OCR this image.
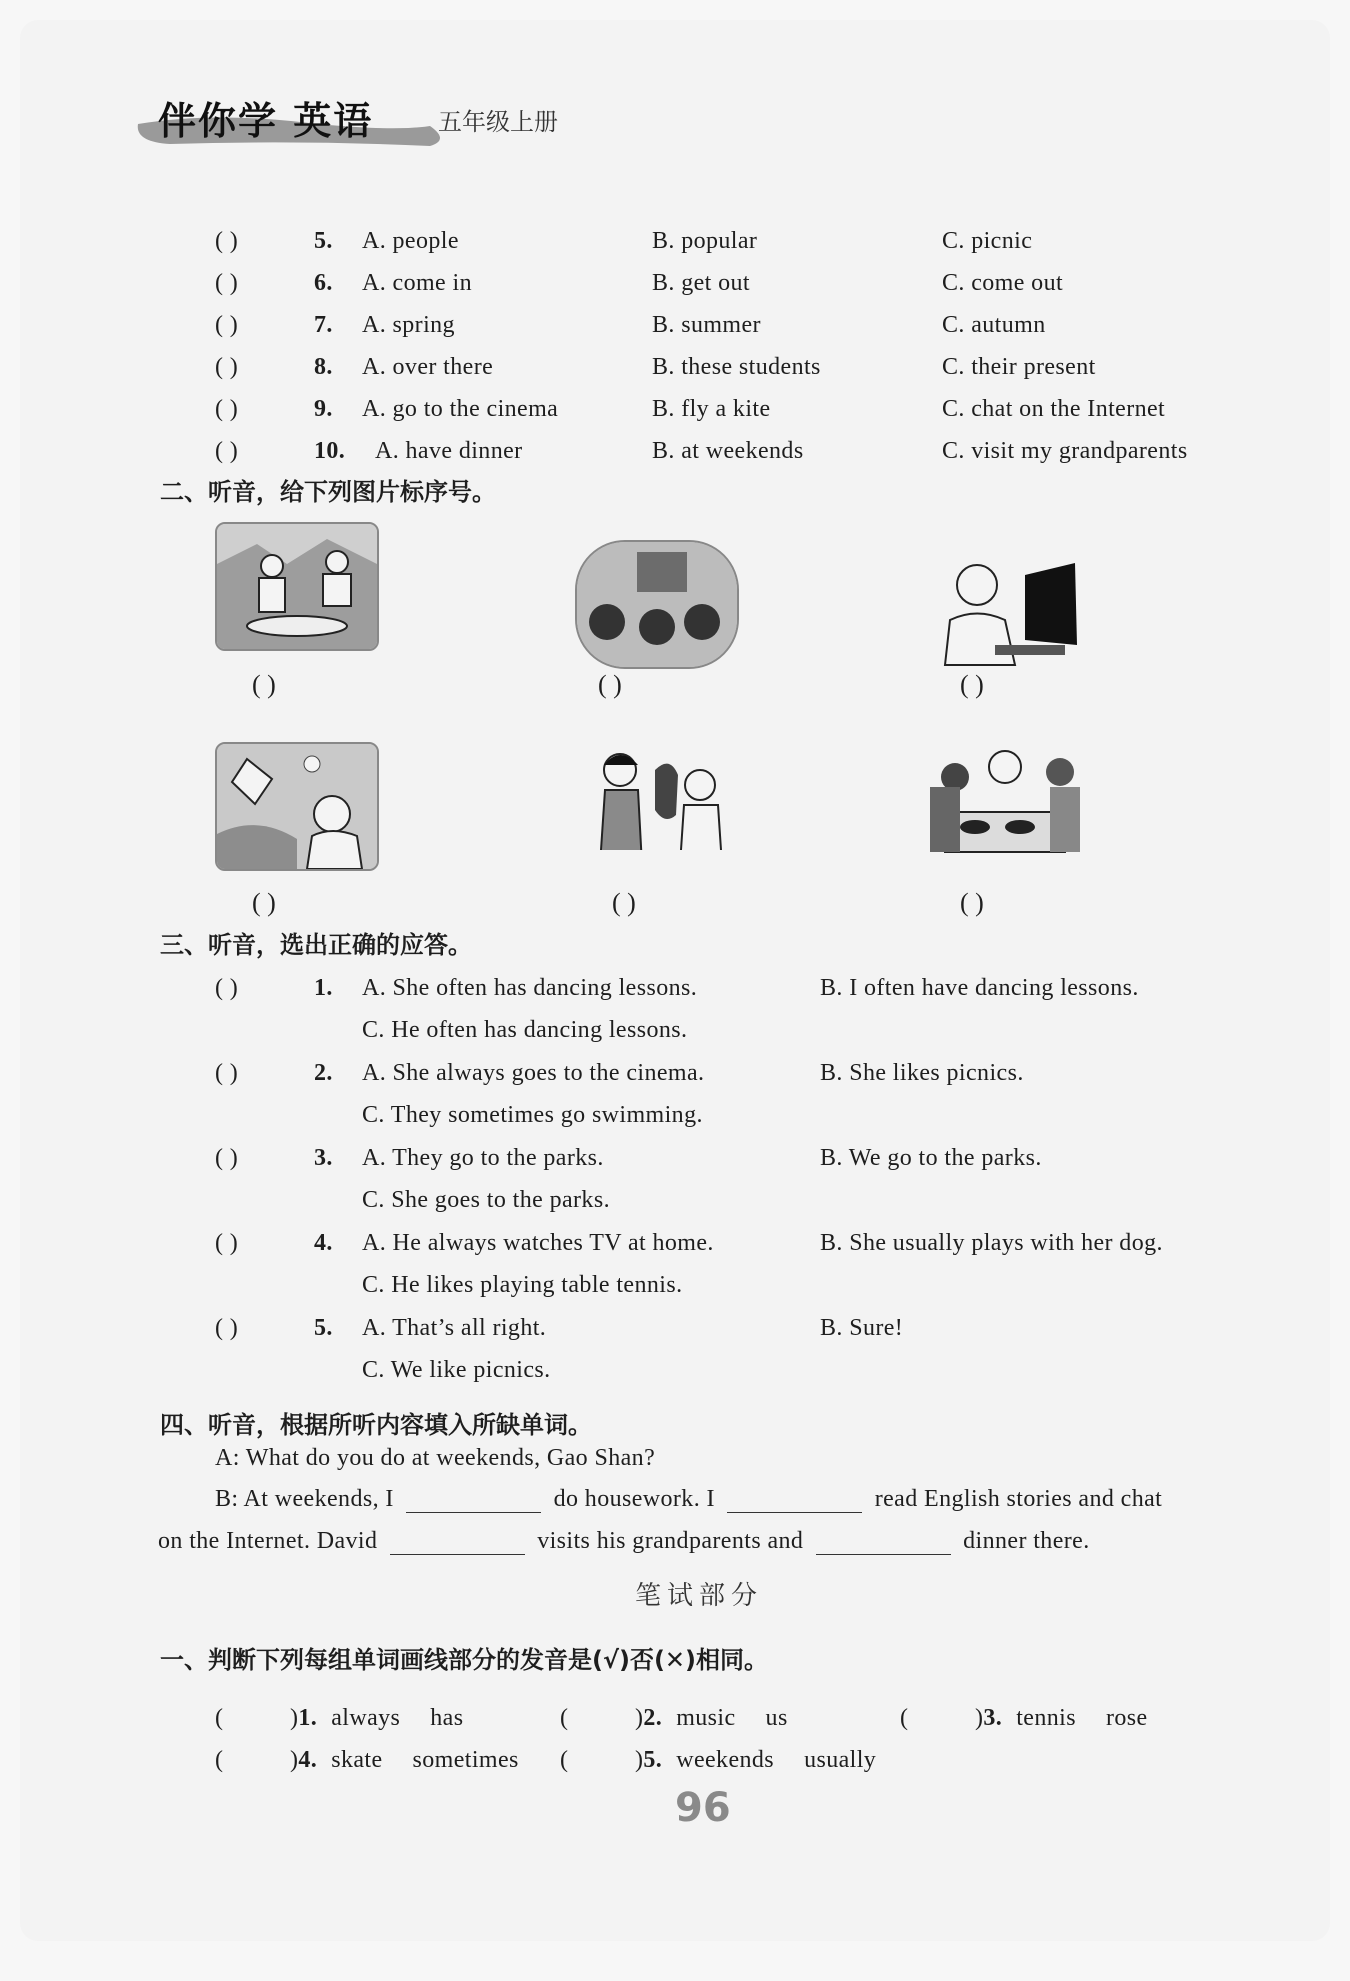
伴你学 英语	五年级上册
( )	5. A. people	B. popular	C. picnic
( )	6. A. come in	B. get out	C. come out
( )	7. A. spring	B. summer	C. autumn
( )	8. A. over there	B. these students	C. their present
( )	9. A. go to the cinema	B. fly a kite	C. chat on the Internet
( )	10. A. have dinner	B. at weekends	C. visit my grandparents
二、听音，给下列图片标序号。
( )	( )	( )
( )	( )	( )
三、听音，选出正确的应答。
( )	1. A. She often has dancing lessons.	B. I often have dancing lessons.
C. He often has dancing lessons.
( )	2. A. She always goes to the cinema.	B. She likes picnics.
C. They sometimes go swimming.
( )	3. A. They go to the parks.	B. We go to the parks.
C. She goes to the parks.
( )	4. A. He always watches TV at home.	B. She usually plays with her dog.
C. He likes playing table tennis.
( )	5. A. That’s all right.	B. Sure!
C. We like picnics.
四、听音，根据所听内容填入所缺单词。
A: What do you do at weekends, Gao Shan?
B: At weekends, I	do housework. I	read English stories and chat
on the Internet. David	visits his grandparents and	dinner there.
笔试部分
一、判断下列每组单词画线部分的发音是(√)否(✕)相同。
(	)1. always has	(	)2. music us	(	)3. tennis rose
(	)4. skate sometimes (	)5. weekends usually
96
